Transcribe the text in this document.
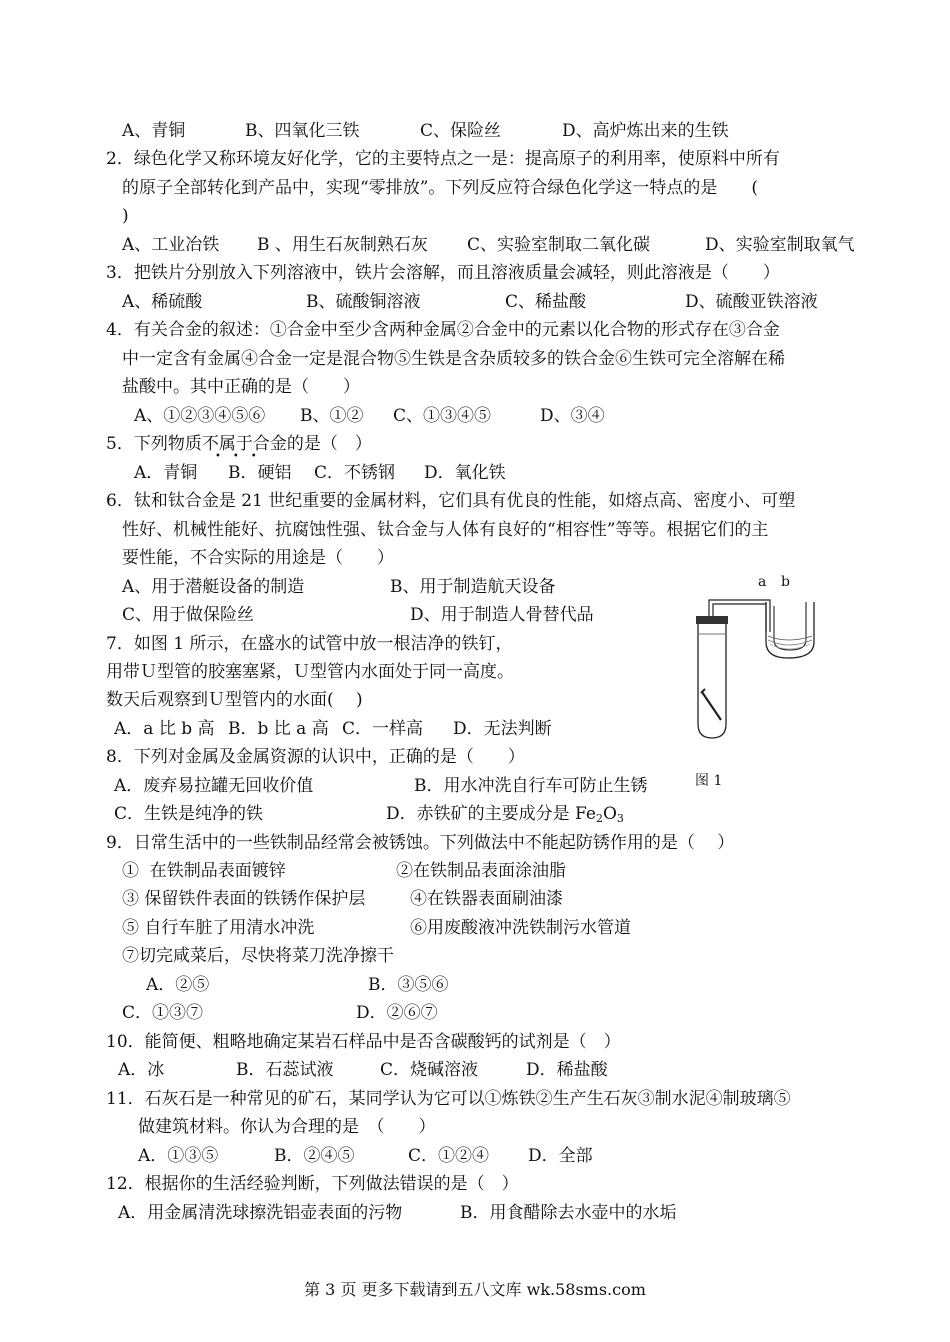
A、青铜	B、四氧化三铁	C、保险丝	D、高炉炼出来的生铁
2．绿色化学又称环境友好化学，它的主要特点之一是：提高原子的利用率，使原料中所有
的原子全部转化到产品中，实现“零排放”。下列反应符合绿色化学这一特点的是　　(
)
A、工业冶铁 B 、用生石灰制熟石灰 C、实验室制取二氧化碳	D、实验室制取氧气
3．把铁片分别放入下列溶液中，铁片会溶解，而且溶液质量会减轻，则此溶液是（　　）
A、稀硫酸	B、硫酸铜溶液	C、稀盐酸	D、硫酸亚铁溶液
4．有关合金的叙述：①合金中至少含两种金属②合金中的元素以化合物的形式存在③合金
中一定含有金属④合金一定是混合物⑤生铁是含杂质较多的铁合金⑥生铁可完全溶解在稀
盐酸中。其中正确的是（　　）
A、①②③④⑤⑥ B、①② C、①③④⑤	D、③④
5．下列物质不属于合金的是（　）
•••
A．青铜 B．硬铝 C．不锈钢 D．氧化铁
6．钛和钛合金是 21 世纪重要的金属材料，它们具有优良的性能，如熔点高、密度小、可塑
性好、机械性能好、抗腐蚀性强、钛合金与人体有良好的“相容性”等等。根据它们的主
要性能，不合实际的用途是（　　）
A、用于潜艇设备的制造	B、用于制造航天设备
C、用于做保险丝	D、用于制造人骨替代品
7．如图 1 所示，在盛水的试管中放一根洁净的铁钉，
用带Ｕ型管的胶塞塞紧，Ｕ型管内水面处于同一高度。
数天后观察到Ｕ型管内的水面(　 )
A．a 比 b 高 B．b 比 a 高 C．一样高 D．无法判断
a b
图 1
8．下列对金属及金属资源的认识中，正确的是（　　）
A．废弃易拉罐无回收价值	B．用水冲洗自行车可防止生锈
C．生铁是纯净的铁	D．赤铁矿的主要成分是 $Fe_2O_3$
9．日常生活中的一些铁制品经常会被锈蚀。下列做法中不能起防锈作用的是（　 ）
①  在铁制品表面镀锌	②在铁制品表面涂油脂
③ 保留铁件表面的铁锈作保护层	④在铁器表面刷油漆
⑤ 自行车脏了用清水冲洗	⑥用废酸液冲洗铁制污水管道
⑦切完咸菜后，尽快将菜刀洗净擦干
A．②⑤	B．③⑤⑥
C．①③⑦	D．②⑥⑦
10．能简便、粗略地确定某岩石样品中是否含碳酸钙的试剂是（　）
A．冰	B．石蕊试液	C．烧碱溶液	D．稀盐酸
11．石灰石是一种常见的矿石，某同学认为它可以①炼铁②生产生石灰③制水泥④制玻璃⑤
做建筑材料。你认为合理的是　（　　）
A．①③⑤	B．②④⑤	C．①②④ D．全部
12．根据你的生活经验判断，下列做法错误的是（　）
A．用金属清洗球擦洗铝壶表面的污物	B．用食醋除去水壶中的水垢
第 3 页 更多下载请到五八文库 wk.58sms.com
